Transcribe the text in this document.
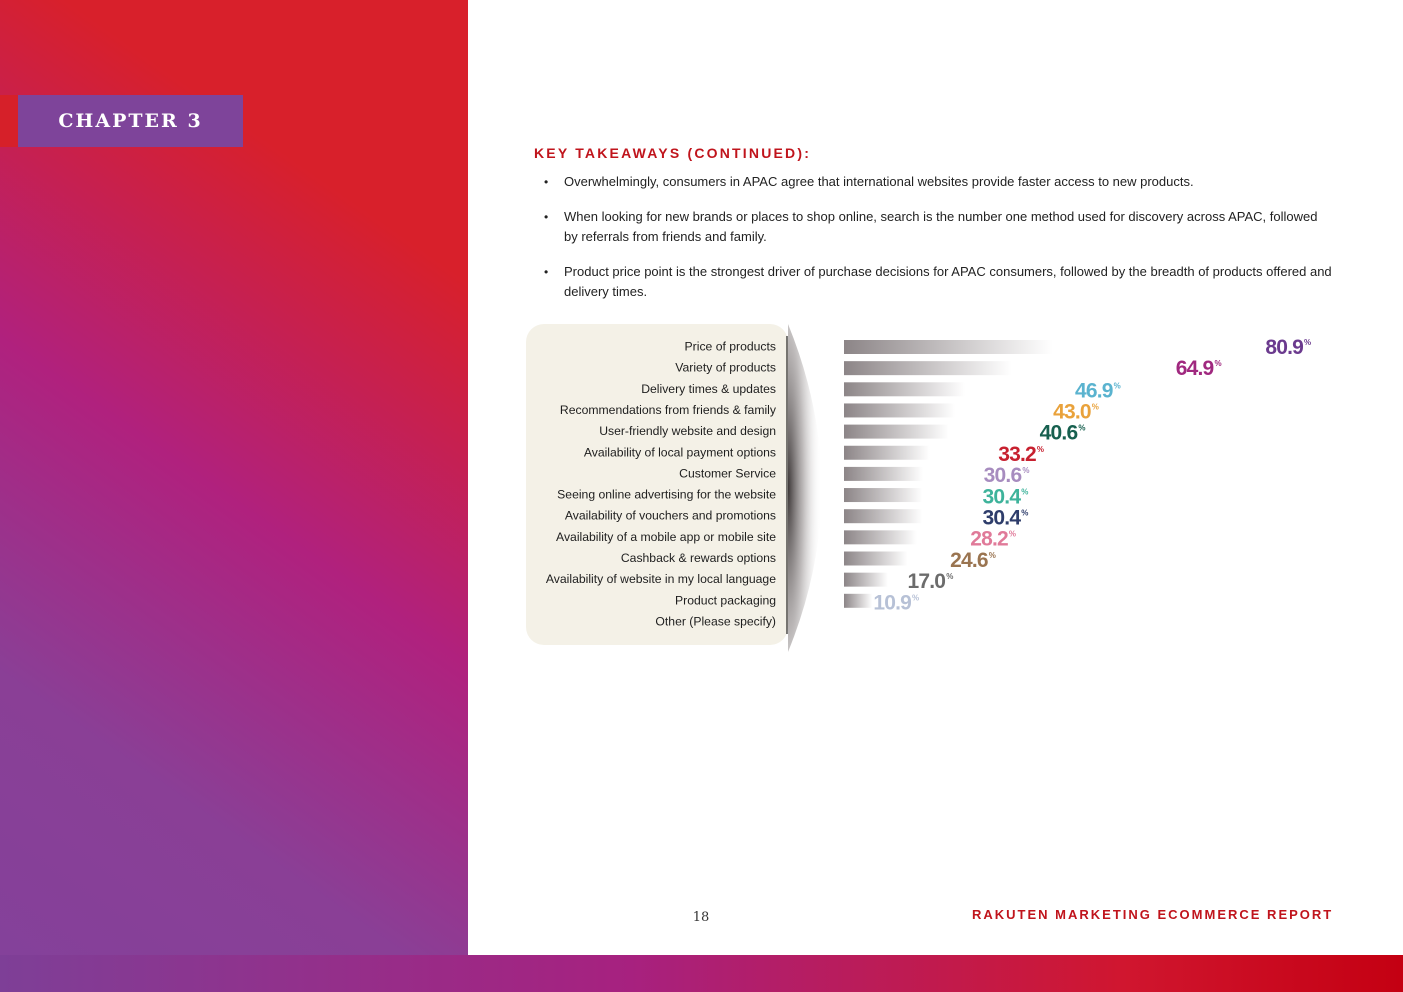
CHAPTER 3
KEY TAKEAWAYS (CONTINUED):
• Overwhelmingly, consumers in APAC agree that international websites provide faster access to new products.
• When looking for new brands or places to shop online, search is the number one method used for discovery across APAC, followed by referrals from friends and family.
• Product price point is the strongest driver of purchase decisions for APAC consumers, followed by the breadth of products offered and delivery times.
Price of products
Variety of products
Delivery times & updates
Recommendations from friends & family
User-friendly website and design
Availability of local payment options
Customer Service
Seeing online advertising for the website
Availability of vouchers and promotions
Availability of a mobile app or mobile site
Cashback & rewards options
Availability of website in my local language
Product packaging
Other (Please specify)
80.9 %
64.9 %
46.9 %
43.0 %
40.6 %
33.2 %
30.6 %
30.4 %
30.4 %
28.2 %
24.6 %
17.0 %
10.9 %
18	RAKUTEN MARKETING ECOMMERCE REPORT
